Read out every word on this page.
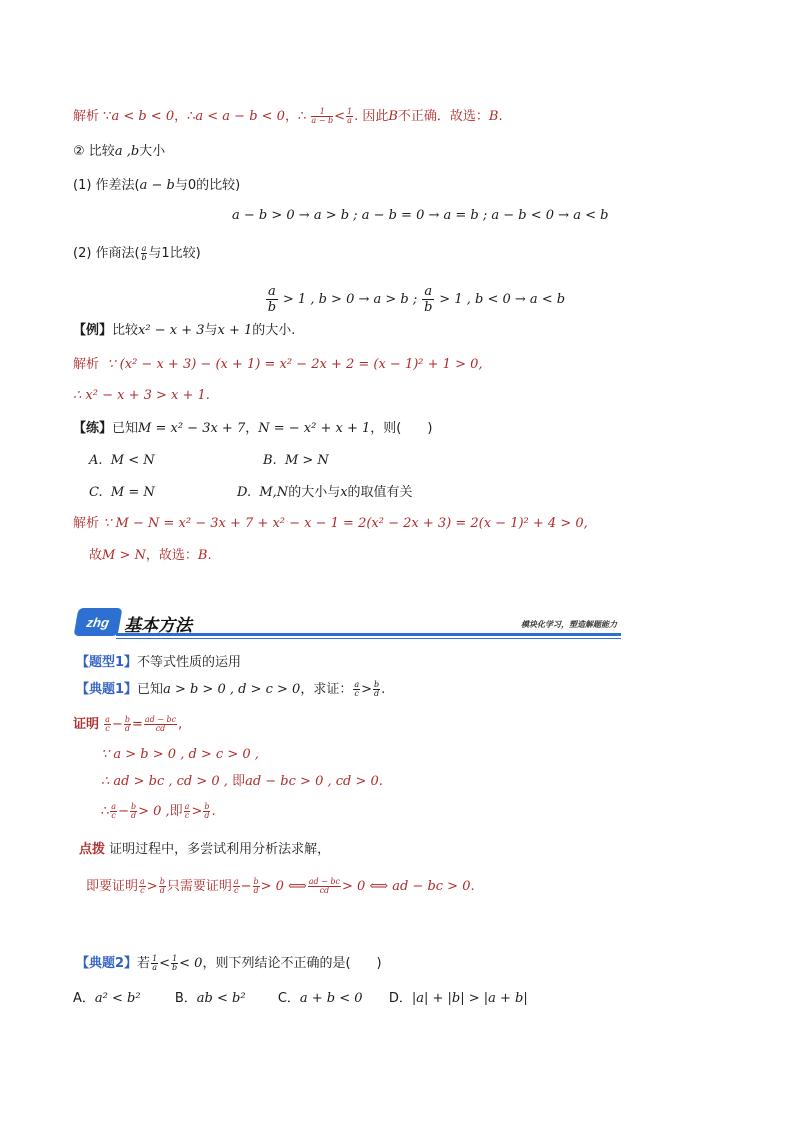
解析 ∵a < b < 0，∴a < a − b < 0，∴ $\frac{1}{a - b} < \frac{1}{a}$ . 因此B不正确．故选：B.
② 比较a ,b大小
(1) 作差法(a − b与0的比较)
a − b > 0 → a > b ; a − b = 0 → a = b ; a − b < 0 → a < b
(2) 作商法( $\frac{a}{b}$ 与1比较)
$\frac{a}{b} > 1$ , b > 0 → a > b ; $\frac{a}{b} > 1$ , b < 0 → a < b
【例】比较x² − x + 3与x + 1的大小.
解析 ∵ (x² − x + 3) − (x + 1) = x² − 2x + 2 = (x − 1)² + 1 > 0,
∴ x² − x + 3 > x + 1.
【练】已知M = x² − 3x + 7，N = − x² + x + 1，则(　　)
A. M < N	B. M > N
C. M = N	D. M,N的大小与x的取值有关
解析 ∵ M − N = x² − 3x + 7 + x² − x − 1 = 2(x² − 2x + 3) = 2(x − 1)² + 4 > 0,
故M > N，故选：B.
zhg 基本方法	模块化学习，塑造解题能力
【题型1】不等式性质的运用
【典题1】已知a > b > 0 , d > c > 0，求证： $\frac{a}{c} > \frac{b}{d}$ .
证明 $\frac{a}{c} - \frac{b}{d} = \frac{ad - bc}{cd}$ ,
∵ a > b > 0 , d > c > 0 ,
∴ ad > bc , cd > 0 , 即ad − bc > 0 , cd > 0.
∴ $\frac{a}{c} - \frac{b}{d} > 0$ ,即 $\frac{a}{c} > \frac{b}{d}$ .
点拨 证明过程中，多尝试利用分析法求解，
即要证明 $\frac{a}{c} > \frac{b}{d}$ 只需要证明 $\frac{a}{c} - \frac{b}{d} > 0$ ⟺ $\frac{ad - bc}{cd} > 0$ ⟺ ad − bc > 0.
【典题2】若 $\frac{1}{a} < \frac{1}{b} < 0$，则下列结论不正确的是(　　)
A．a² < b²	B．ab < b² C．a + b < 0 D．|a| + |b| > |a + b|
